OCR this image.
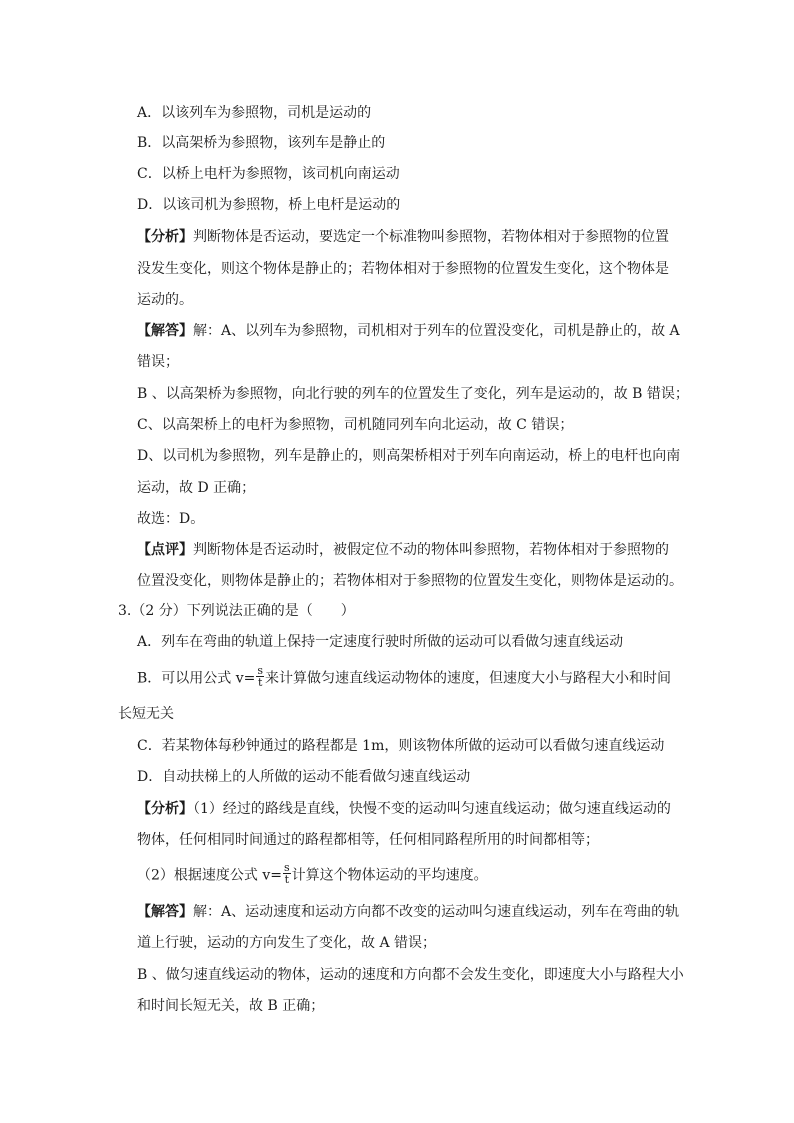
A．以该列车为参照物，司机是运动的
B．以高架桥为参照物，该列车是静止的
C．以桥上电杆为参照物，该司机向南运动
D．以该司机为参照物，桥上电杆是运动的
【分析】判断物体是否运动，要选定一个标准物叫参照物，若物体相对于参照物的位置
没发生变化，则这个物体是静止的；若物体相对于参照物的位置发生变化，这个物体是
运动的。
【解答】解：A、以列车为参照物，司机相对于列车的位置没变化，司机是静止的，故 A
错误；
B 、以高架桥为参照物，向北行驶的列车的位置发生了变化，列车是运动的，故 B 错误；
C、以高架桥上的电杆为参照物，司机随同列车向北运动，故 C 错误；
D、以司机为参照物，列车是静止的，则高架桥相对于列车向南运动，桥上的电杆也向南
运动，故 D 正确；
故选：D。
【点评】判断物体是否运动时，被假定位不动的物体叫参照物，若物体相对于参照物的
位置没变化，则物体是静止的；若物体相对于参照物的位置发生变化，则物体是运动的。
3.（2 分）下列说法正确的是（　　）
A．列车在弯曲的轨道上保持一定速度行驶时所做的运动可以看做匀速直线运动
B．可以用公式 $v= \frac{s}{t}$ 来计算做匀速直线运动物体的速度，但速度大小与路程大小和时间
长短无关
C．若某物体每秒钟通过的路程都是 1m，则该物体所做的运动可以看做匀速直线运动
D．自动扶梯上的人所做的运动不能看做匀速直线运动
【分析】（1）经过的路线是直线，快慢不变的运动叫匀速直线运动；做匀速直线运动的
物体，任何相同时间通过的路程都相等，任何相同路程所用的时间都相等；
（2）根据速度公式 $v= \frac{s}{t}$ 计算这个物体运动的平均速度。
【解答】解：A、运动速度和运动方向都不改变的运动叫匀速直线运动，列车在弯曲的轨
道上行驶，运动的方向发生了变化，故 A 错误；
B 、做匀速直线运动的物体，运动的速度和方向都不会发生变化，即速度大小与路程大小
和时间长短无关，故 B 正确；
